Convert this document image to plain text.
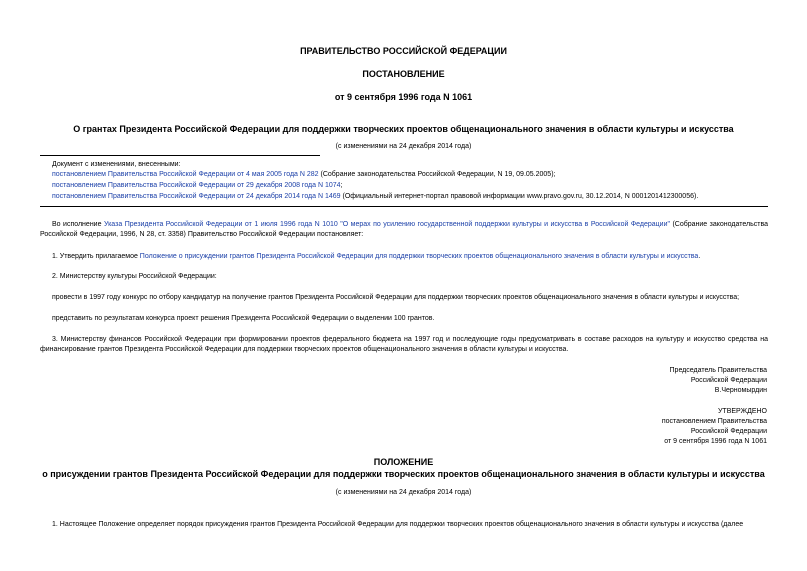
ПРАВИТЕЛЬСТВО РОССИЙСКОЙ ФЕДЕРАЦИИ
ПОСТАНОВЛЕНИЕ
от 9 сентября 1996 года N 1061
О грантах Президента Российской Федерации для поддержки творческих проектов общенационального значения в области культуры и искусства
(с изменениями на 24 декабря 2014 года)
Документ с изменениями, внесенными:
постановлением Правительства Российской Федерации от 4 мая 2005 года N 282 (Собрание законодательства Российской Федерации, N 19, 09.05.2005);
постановлением Правительства Российской Федерации от 29 декабря 2008 года N 1074;
постановлением Правительства Российской Федерации от 24 декабря 2014 года N 1469 (Официальный интернет-портал правовой информации www.pravo.gov.ru, 30.12.2014, N 0001201412300056).
Во исполнение Указа Президента Российской Федерации от 1 июля 1996 года N 1010 "О мерах по усилению государственной поддержки культуры и искусства в Российской Федерации" (Собрание законодательства Российской Федерации, 1996, N 28, ст. 3358) Правительство Российской Федерации постановляет:
1. Утвердить прилагаемое Положение о присуждении грантов Президента Российской Федерации для поддержки творческих проектов общенационального значения в области культуры и искусства.
2. Министерству культуры Российской Федерации:
провести в 1997 году конкурс по отбору кандидатур на получение грантов Президента Российской Федерации для поддержки творческих проектов общенационального значения в области культуры и искусства;
представить по результатам конкурса проект решения Президента Российской Федерации о выделении 100 грантов.
3. Министерству финансов Российской Федерации при формировании проектов федерального бюджета на 1997 год и последующие годы предусматривать в составе расходов на культуру и искусство средства на финансирование грантов Президента Российской Федерации для поддержки творческих проектов общенационального значения в области культуры и искусства.
Председатель Правительства
Российской Федерации
В.Черномырдин
УТВЕРЖДЕНО
постановлением Правительства
Российской Федерации
от 9 сентября 1996 года N 1061
ПОЛОЖЕНИЕ
о присуждении грантов Президента Российской Федерации для поддержки творческих проектов общенационального значения в области культуры и искусства
(с изменениями на 24 декабря 2014 года)
1. Настоящее Положение определяет порядок присуждения грантов Президента Российской Федерации для поддержки творческих проектов общенационального значения в области культуры и искусства (далее
